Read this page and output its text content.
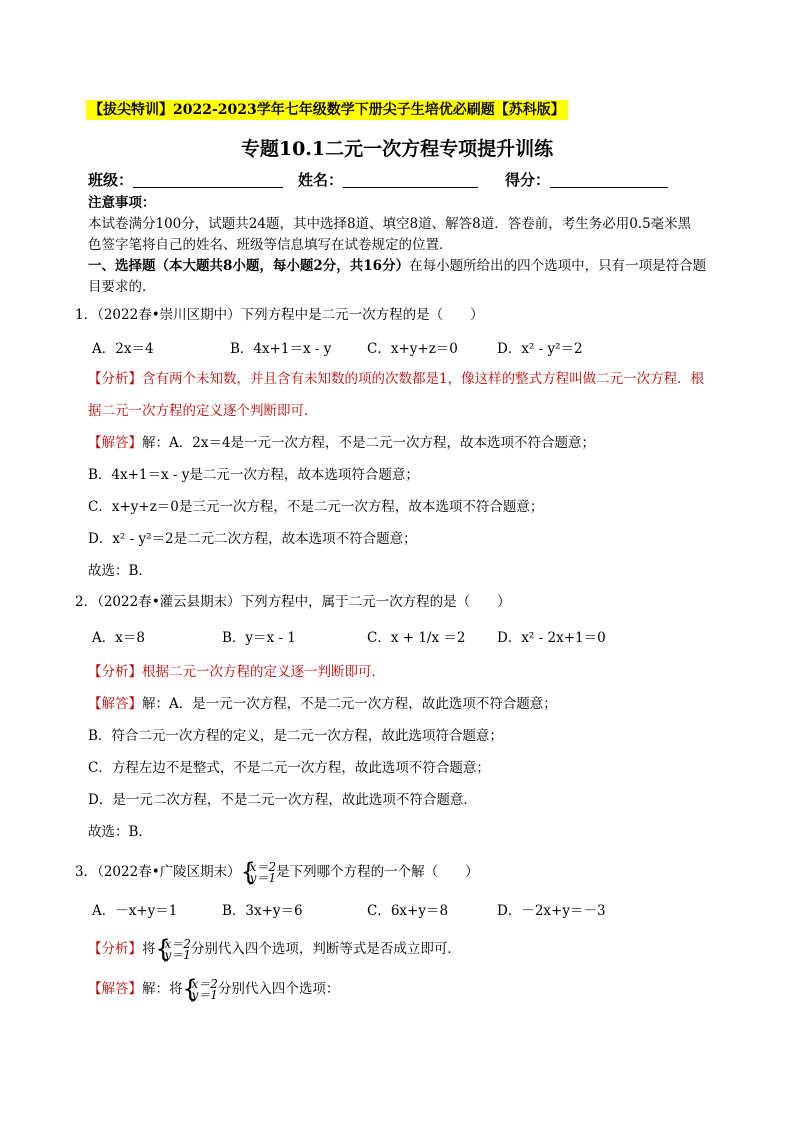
【拔尖特训】2022-2023学年七年级数学下册尖子生培优必刷题【苏科版】
专题10.1二元一次方程专项提升训练
班级：	姓名：	得分：

注意事项：

本试卷满分100分，试题共24题，其中选择8道、填空8道、解答8道．答卷前，考生务必用0.5毫米黑

色签字笔将自己的姓名、班级等信息填写在试卷规定的位置．

一、选择题（本大题共8小题，每小题2分，共16分）在每小题所给出的四个选项中，只有一项是符合题

目要求的．

1．（2022春•崇川区期中）下列方程中是二元一次方程的是（　　）
A．2x＝4	B．4x+1＝x - y	C．x+y+z＝0	D．x² - y²＝2

【分析】含有两个未知数，并且含有未知数的项的次数都是1，像这样的整式方程叫做二元一次方程．根

据二元一次方程的定义逐个判断即可．

【解答】解：A．2x＝4是一元一次方程，不是二元一次方程，故本选项不符合题意；

B．4x+1＝x - y是二元一次方程，故本选项符合题意；

C．x+y+z＝0是三元一次方程，不是二元一次方程，故本选项不符合题意；

D．x² - y²＝2是二元二次方程，故本选项不符合题意；

故选：B．

2．（2022春•灌云县期末）下列方程中，属于二元一次方程的是（　　）
A．x＝8	B．y＝x - 1	C．x + 1/x ＝2 D．x² - 2x+1＝0

【分析】根据二元一次方程的定义逐一判断即可．

【解答】解：A．是一元一次方程，不是二元一次方程，故此选项不符合题意；

B．符合二元一次方程的定义，是二元一次方程，故此选项符合题意；

C．方程左边不是整式，不是二元一次方程，故此选项不符合题意；

D．是一元二次方程，不是二元一次方程，故此选项不符合题意．

故选：B．

3．（2022春•广陵区期末） { x＝2
y＝1 是下列哪个方程的一个解（　　）
A．－x+y＝1	B．3x+y＝6	C．6x+y＝8	D．－2x+y＝－3

【分析】将 { x＝2
y＝1 分别代入四个选项，判断等式是否成立即可．

【解答】解：将 { x＝2
y＝1 分别代入四个选项：
